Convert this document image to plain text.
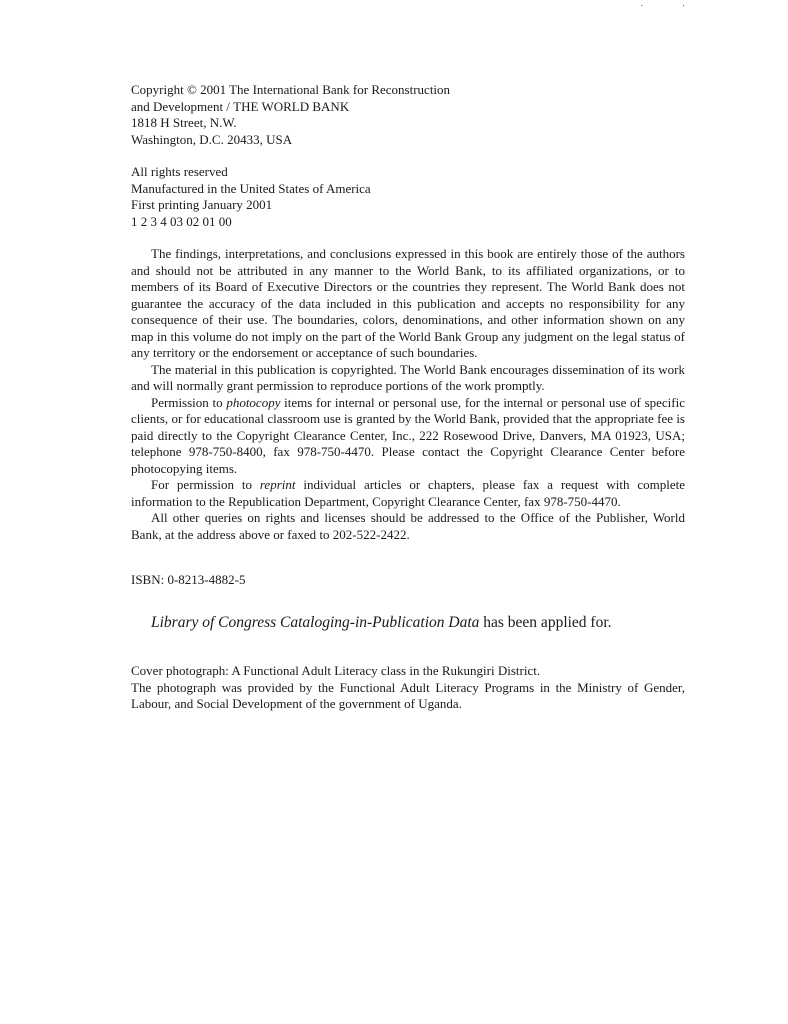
· ·
Copyright © 2001 The International Bank for Reconstruction
and Development / THE WORLD BANK
1818 H Street, N.W.
Washington, D.C. 20433, USA
All rights reserved
Manufactured in the United States of America
First printing January 2001
1 2 3 4 03 02 01 00

The findings, interpretations, and conclusions expressed in this book are entirely those of the authors and should not be attributed in any manner to the World Bank, to its affiliated organizations, or to members of its Board of Executive Directors or the countries they represent. The World Bank does not guarantee the accuracy of the data included in this publication and accepts no responsibility for any consequence of their use. The boundaries, colors, denominations, and other information shown on any map in this volume do not imply on the part of the World Bank Group any judgment on the legal status of any territory or the endorsement or acceptance of such boundaries.

The material in this publication is copyrighted. The World Bank encourages dissemination of its work and will normally grant permission to reproduce portions of the work promptly.

Permission to photocopy items for internal or personal use, for the internal or personal use of specific clients, or for educational classroom use is granted by the World Bank, provided that the appropriate fee is paid directly to the Copyright Clearance Center, Inc., 222 Rosewood Drive, Danvers, MA 01923, USA; telephone 978-750-8400, fax 978-750-4470. Please contact the Copyright Clearance Center before photocopying items.

For permission to reprint individual articles or chapters, please fax a request with complete information to the Republication Department, Copyright Clearance Center, fax 978-750-4470.

All other queries on rights and licenses should be addressed to the Office of the Publisher, World Bank, at the address above or faxed to 202-522-2422.

ISBN: 0-8213-4882-5
Library of Congress Cataloging-in-Publication Data has been applied for.

Cover photograph: A Functional Adult Literacy class in the Rukungiri District.

The photograph was provided by the Functional Adult Literacy Programs in the Ministry of Gender, Labour, and Social Development of the government of Uganda.
